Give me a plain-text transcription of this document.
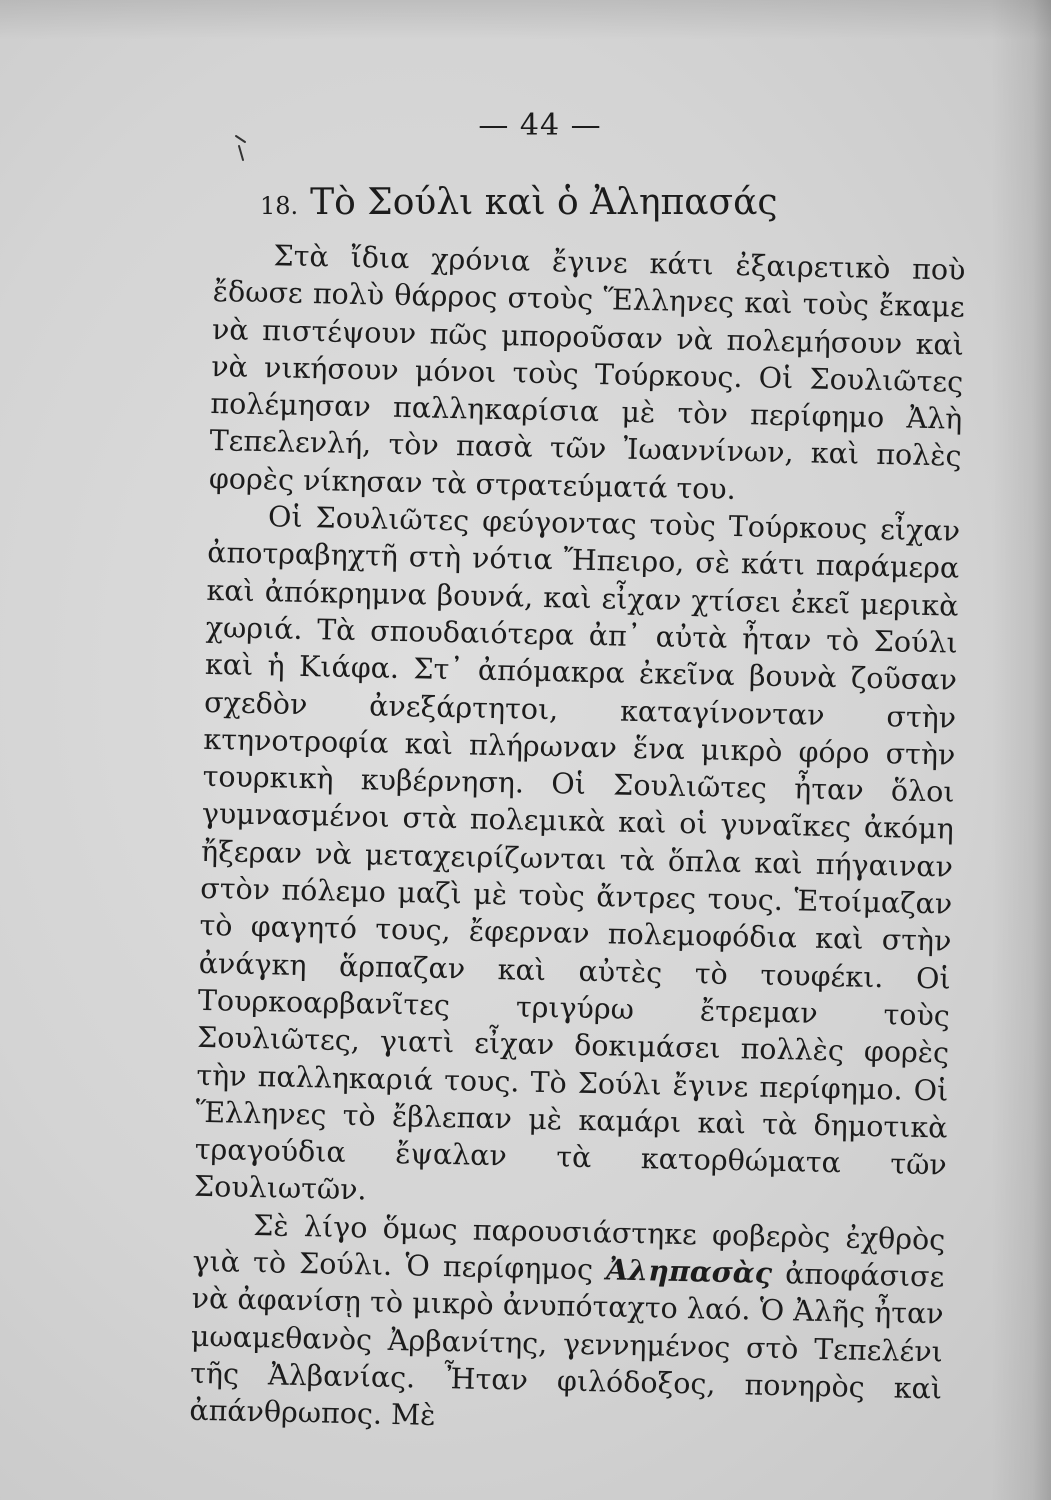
— 44 —
18. Τὸ Σούλι καὶ ὁ Ἀληπασάς

Στὰ ἴδια χρόνια ἔγινε κάτι ἐξαιρετικὸ ποὺ ἔδωσε πολὺ θάρρος στοὺς Ἕλληνες καὶ τοὺς ἔκαμε νὰ πιστέψουν πῶς μποροῦσαν νὰ πολεμήσουν καὶ νὰ νικήσουν μόνοι τοὺς Τούρκους. Οἱ Σουλιῶτες πολέμησαν παλληκαρίσια μὲ τὸν περίφημο Ἀλὴ Τεπελενλή, τὸν πασὰ τῶν Ἰωαννίνων, καὶ πολὲς φορὲς νίκησαν τὰ στρατεύματά του.

Οἱ Σουλιῶτες φεύγοντας τοὺς Τούρκους εἶχαν ἀποτραβηχτῆ στὴ νότια Ἤπειρο, σὲ κάτι παράμερα καὶ ἀπόκρημνα βουνά, καὶ εἶχαν χτίσει ἐκεῖ μερικὰ χωριά. Τὰ σπουδαιότερα ἀπ᾿ αὐτὰ ἦταν τὸ Σούλι καὶ ἡ Κιάφα. Στ᾿ ἀπόμακρα ἐκεῖνα βουνὰ ζοῦσαν σχεδὸν ἀνεξάρτητοι, καταγίνονταν στὴν κτηνοτροφία καὶ πλήρωναν ἕνα μικρὸ φόρο στὴν τουρκικὴ κυβέρνηση. Οἱ Σουλιῶτες ἦταν ὅλοι γυμνασμένοι στὰ πολεμικὰ καὶ οἱ γυναῖκες ἀκόμη ἤξεραν νὰ μεταχειρίζωνται τὰ ὅπλα καὶ πήγαιναν στὸν πόλεμο μαζὶ μὲ τοὺς ἄντρες τους. Ἑτοίμαζαν τὸ φαγητό τους, ἔφερναν πολεμοφόδια καὶ στὴν ἀνάγκη ἅρπαζαν καὶ αὐτὲς τὸ τουφέκι. Οἱ Τουρκοαρβανῖτες τριγύρω ἔτρεμαν τοὺς Σουλιῶτες, γιατὶ εἶχαν δοκιμάσει πολλὲς φορὲς τὴν παλληκαριά τους. Τὸ Σούλι ἔγινε περίφημο. Οἱ Ἕλληνες τὸ ἔβλεπαν μὲ καμάρι καὶ τὰ δημοτικὰ τραγούδια ἔψαλαν τὰ κατορθώματα τῶν Σουλιωτῶν.

Σὲ λίγο ὅμως παρουσιάστηκε φοβερὸς ἐχθρὸς γιὰ τὸ Σούλι. Ὁ περίφημος Ἀληπασὰς ἀποφάσισε νὰ ἀφανίσῃ τὸ μικρὸ ἀνυπόταχτο λαό. Ὁ Ἀλῆς ἦταν μωαμεθανὸς Ἀρβανίτης, γεννημένος στὸ Τεπελένι τῆς Ἀλβανίας. Ἦταν φιλόδοξος, πονηρὸς καὶ ἀπάνθρωπος. Μὲ
